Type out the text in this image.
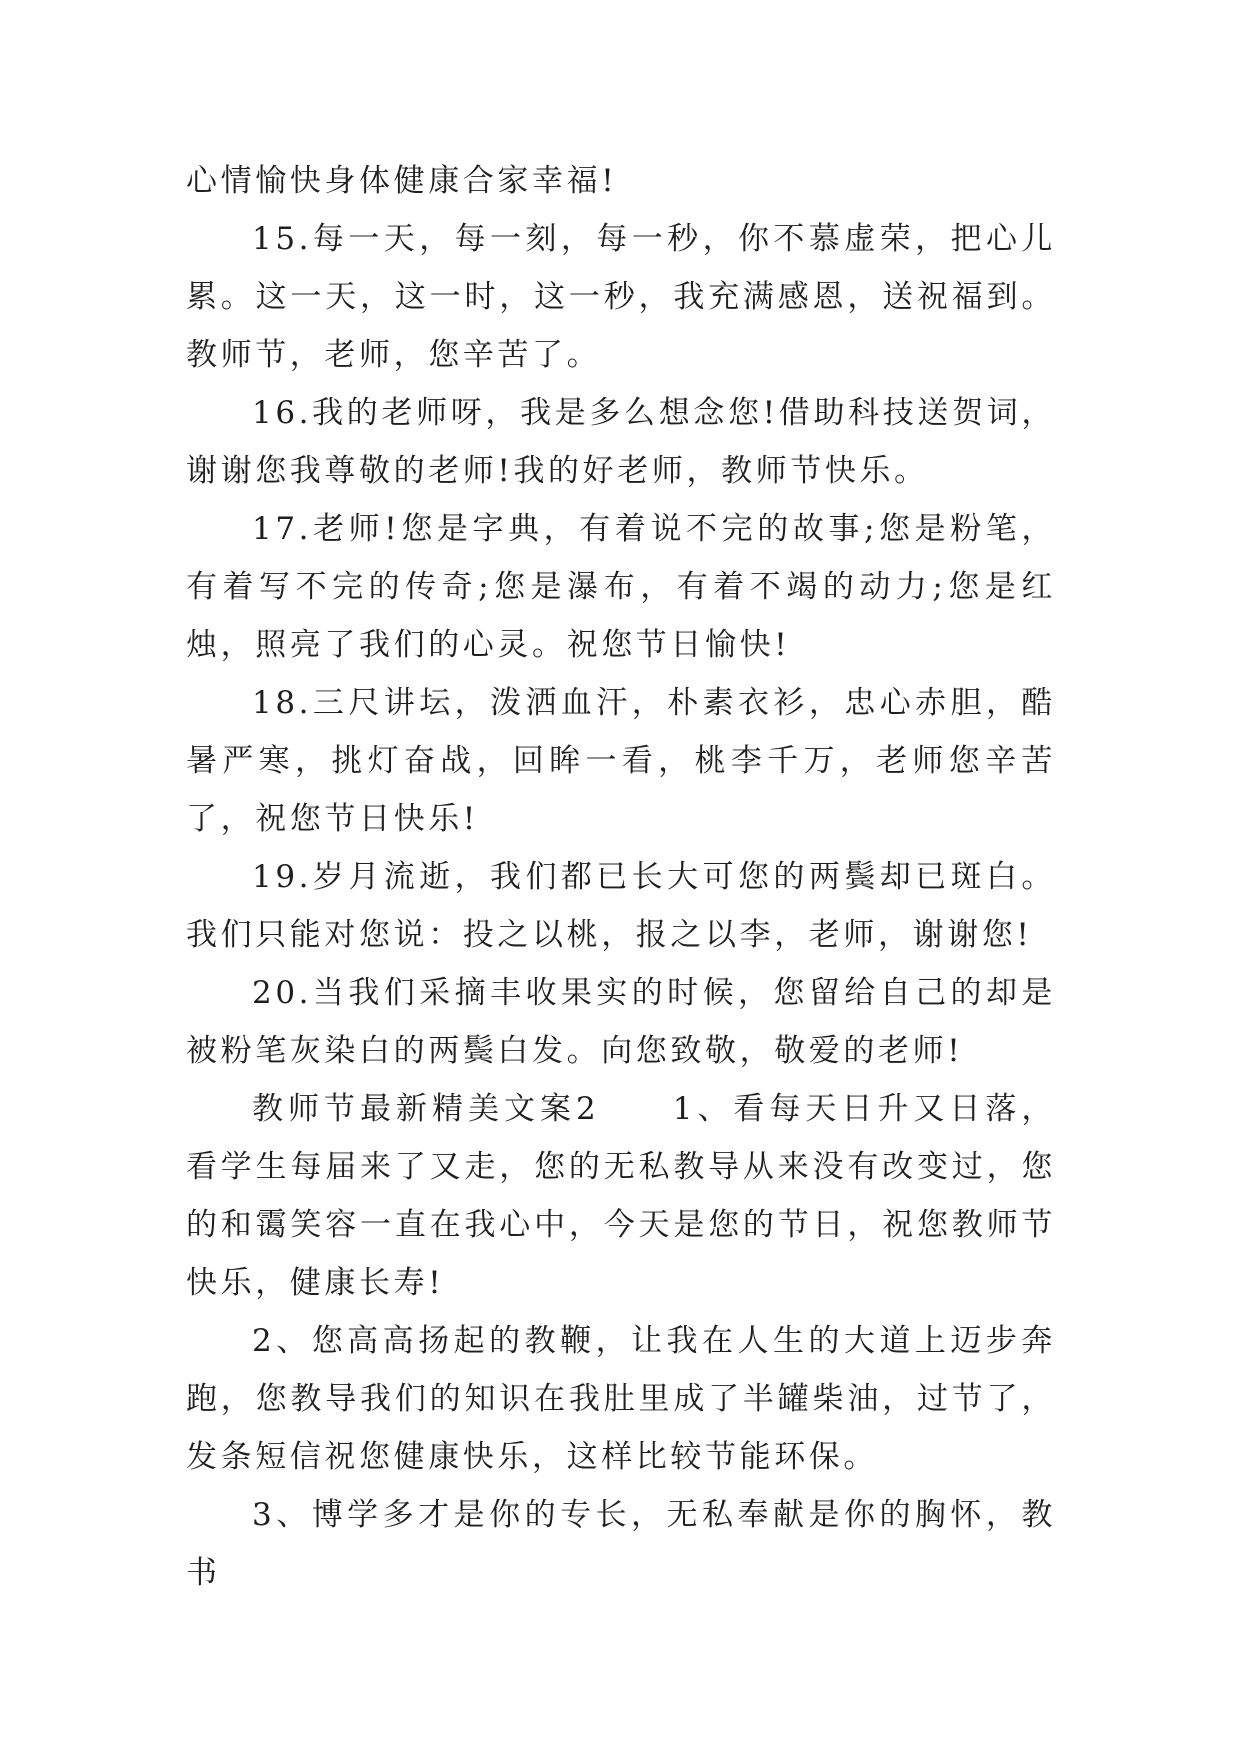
心情愉快身体健康合家幸福!

15.每一天，每一刻，每一秒，你不慕虚荣，把心儿累。这一天，这一时，这一秒，我充满感恩，送祝福到。教师节，老师，您辛苦了。

16.我的老师呀，我是多么想念您!借助科技送贺词，谢谢您我尊敬的老师!我的好老师，教师节快乐。

17.老师!您是字典，有着说不完的故事;您是粉笔，有着写不完的传奇;您是瀑布，有着不竭的动力;您是红烛，照亮了我们的心灵。祝您节日愉快!

18.三尺讲坛，泼洒血汗，朴素衣衫，忠心赤胆，酷暑严寒，挑灯奋战，回眸一看，桃李千万，老师您辛苦了，祝您节日快乐!

19.岁月流逝，我们都已长大可您的两鬓却已斑白。我们只能对您说：投之以桃，报之以李，老师，谢谢您!

20.当我们采摘丰收果实的时候，您留给自己的却是被粉笔灰染白的两鬓白发。向您致敬，敬爱的老师!

教师节最新精美文案2　　1、看每天日升又日落，看学生每届来了又走，您的无私教导从来没有改变过，您的和霭笑容一直在我心中，今天是您的节日，祝您教师节快乐，健康长寿!

2、您高高扬起的教鞭，让我在人生的大道上迈步奔跑，您教导我们的知识在我肚里成了半罐柴油，过节了，发条短信祝您健康快乐，这样比较节能环保。

3、博学多才是你的专长，无私奉献是你的胸怀，教书
